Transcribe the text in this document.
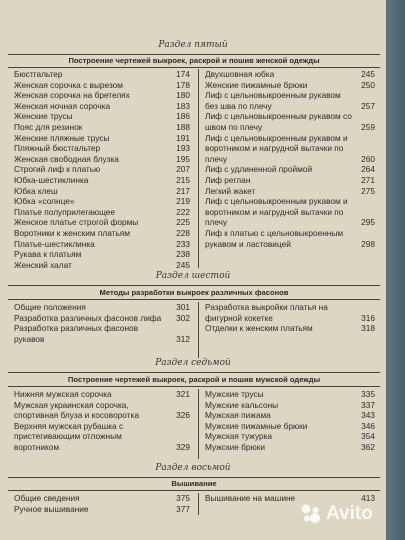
Раздел пятый
Построение чертежей выкроек, раскрой и пошив женской одежды
Бюстгальтер	174
Женская сорочка с вырезом	178
Женская сорочка на бретелях	180
Женская ночная сорочка	183
Женские трусы	186
Пояс для резинок	188
Женские пляжные трусы	191
Пляжный бюстгальтер	193
Женская свободная блузка	195
Строгий лиф к платью	207
Юбка-шестиклинка	215
Юбка клеш	217
Юбка «солнце»	219
Платье полуприлегающее	222
Женское платье строгой формы	225
Воротники к женским платьям	228
Платье-шестиклинка	233
Рукава к платьям	238
Женский халат	245
Двухшовная юбка	245
Женские пижамные брюки	250
Лиф с цельновыкроенным рукавом без шва по плечу	257
Лиф с цельновыкроенным рукавом со швом по плечу	259
Лиф с цельновыкроенным рукавом и воротником и нагрудной вытачки по плечу	260
Лиф с удлиненной проймой	264
Лиф реглан	271
Легкий жакет	275
Лиф с цельновыкроенным рукавом и воротником и нагрудной вытачки по плечу	295
Лиф к платью с цельновыкроенным рукавом и ластовицей	298
Раздел шестой
Методы разработки выкроек различных фасонов
Общие положения	301
Разработка различных фасонов лифа	302
Разработка различных фасонов рукавов	312
Разработка выкройки платья на фигурной кокетке	316
Отделки к женским платьям	318
Раздел седьмой
Построение чертежей выкроек, раскрой и пошив мужской одежды
Нижняя мужская сорочка	321
Мужская украинская сорочка, спортивная блуза и косоворотка	326
Верхняя мужская рубашка с пристегивающим отложным воротником	329
Мужские трусы	335
Мужские кальсоны	337
Мужская пижама	343
Мужские пижамные брюки	346
Мужская тужурка	354
Мужские брюки	362
Раздел восьмой
Вышивание
Общие сведения	375
Ручное вышивание	377
Вышивание на машине	413
Avito
